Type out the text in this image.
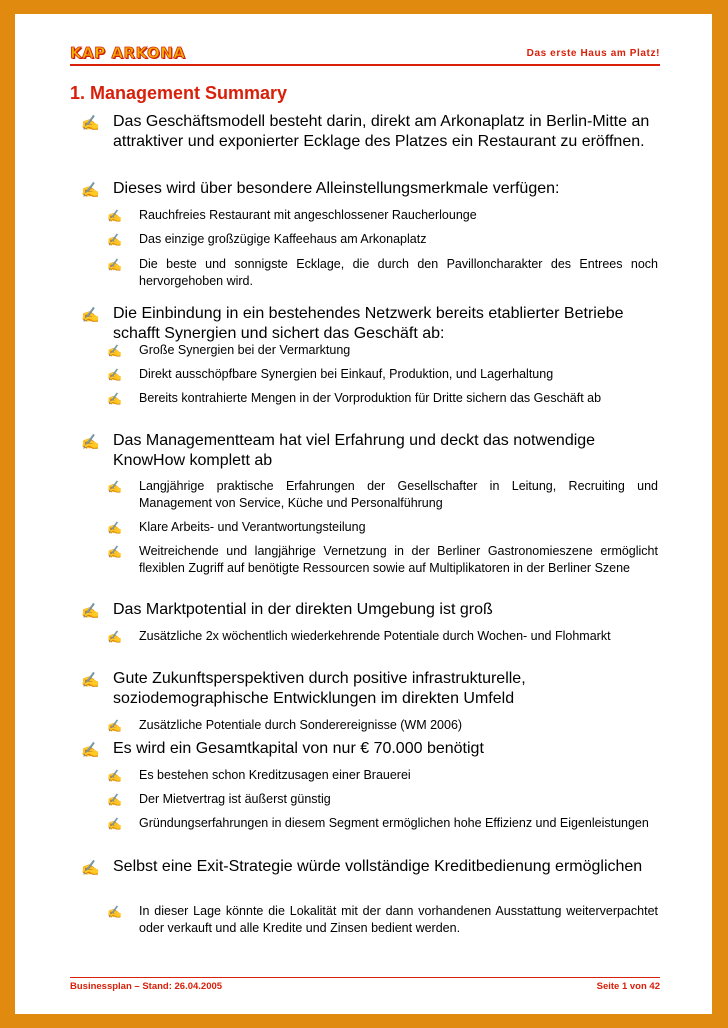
KAP ARKONA	Das erste Haus am Platz!
1. Management Summary
✍ Das Geschäftsmodell besteht darin, direkt am Arkonaplatz in Berlin-Mitte an attraktiver und exponierter Ecklage des Platzes ein Restaurant zu eröffnen.
✍ Dieses wird über besondere Alleinstellungsmerkmale verfügen:
✍ Rauchfreies Restaurant mit angeschlossener Raucherlounge
✍ Das einzige großzügige Kaffeehaus am Arkonaplatz
✍ Die beste und sonnigste Ecklage, die durch den Pavilloncharakter des Entrees noch hervorgehoben wird.
✍ Die Einbindung in ein bestehendes Netzwerk bereits etablierter Betriebe schafft Synergien und sichert das Geschäft ab:
✍ Große Synergien bei der Vermarktung
✍ Direkt ausschöpfbare Synergien bei Einkauf, Produktion, und Lagerhaltung
✍ Bereits kontrahierte Mengen in der Vorproduktion für Dritte sichern das Geschäft ab
✍ Das Managementteam hat viel Erfahrung und deckt das notwendige KnowHow komplett ab
✍ Langjährige praktische Erfahrungen der Gesellschafter in Leitung, Recruiting und Management von Service, Küche und Personalführung
✍ Klare Arbeits- und Verantwortungsteilung
✍ Weitreichende und langjährige Vernetzung in der Berliner Gastronomieszene ermöglicht flexiblen Zugriff auf benötigte Ressourcen sowie auf Multiplikatoren in der Berliner Szene
✍ Das Marktpotential in der direkten Umgebung ist groß
✍ Zusätzliche 2x wöchentlich wiederkehrende Potentiale durch Wochen- und Flohmarkt
✍ Gute Zukunftsperspektiven durch positive infrastrukturelle, soziodemographische Entwicklungen im direkten Umfeld
✍ Zusätzliche Potentiale durch Sonderereignisse (WM 2006)
✍ Es wird ein Gesamtkapital von nur € 70.000 benötigt
✍ Es bestehen schon Kreditzusagen einer Brauerei
✍ Der Mietvertrag ist äußerst günstig
✍ Gründungserfahrungen in diesem Segment ermöglichen hohe Effizienz und Eigenleistungen
✍ Selbst eine Exit-Strategie würde vollständige Kreditbedienung ermöglichen
✍ In dieser Lage könnte die Lokalität mit der dann vorhandenen Ausstattung weiterverpachtet oder verkauft und alle Kredite und Zinsen bedient werden.
Businessplan – Stand: 26.04.2005	Seite 1 von 42
